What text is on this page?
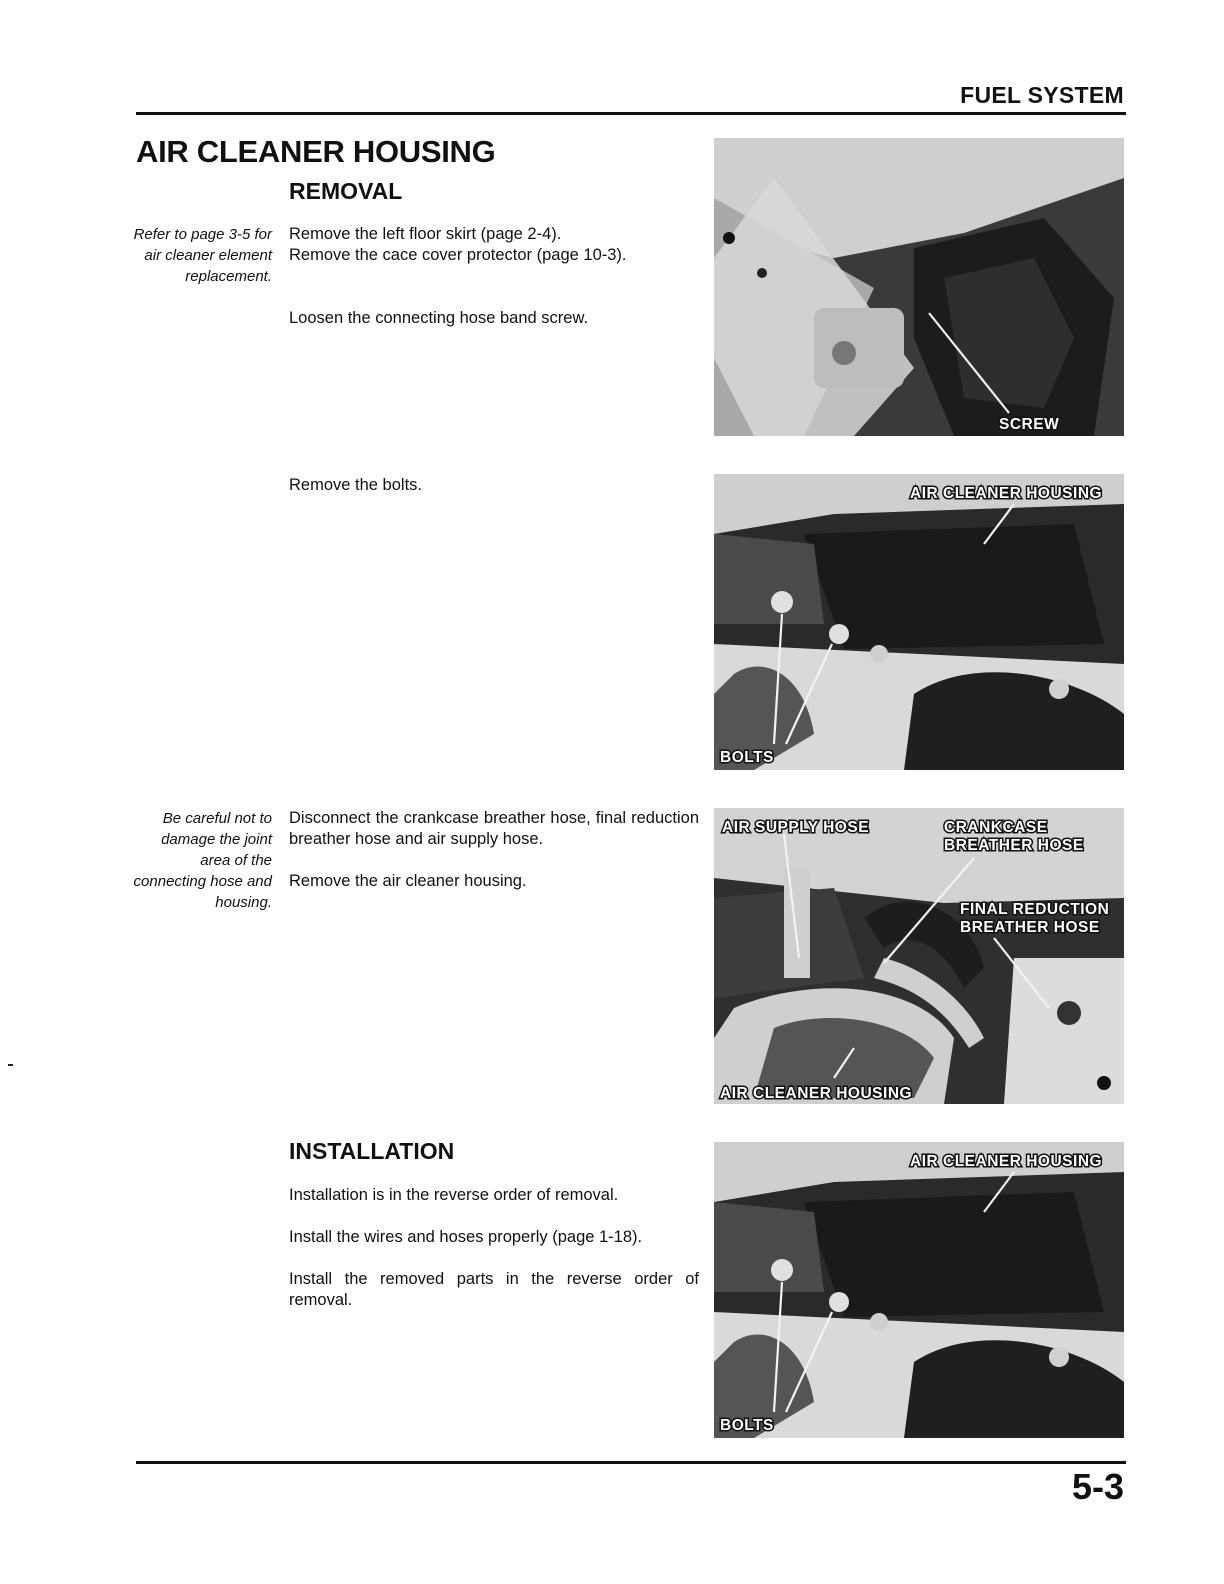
FUEL SYSTEM
AIR CLEANER HOUSING
REMOVAL
Refer to page 3-5 for air cleaner element replacement.
Remove the left floor skirt (page 2-4).
Remove the cace cover protector (page 10-3).
Loosen the connecting hose band screw.
Remove the bolts.
Be careful not to damage the joint area of the connecting hose and housing.
Disconnect the crankcase breather hose, final reduction breather hose and air supply hose.
Remove the air cleaner housing.
INSTALLATION
Installation is in the reverse order of removal.
Install the wires and hoses properly (page 1-18).
Install the removed parts in the reverse order of removal.
SCREW
AIR CLEANER HOUSING
BOLTS
AIR SUPPLY HOSE	CRANKCASE
BREATHER HOSE
FINAL REDUCTION
BREATHER HOSE
AIR CLEANER HOUSING
AIR CLEANER HOUSING
BOLTS
5-3
